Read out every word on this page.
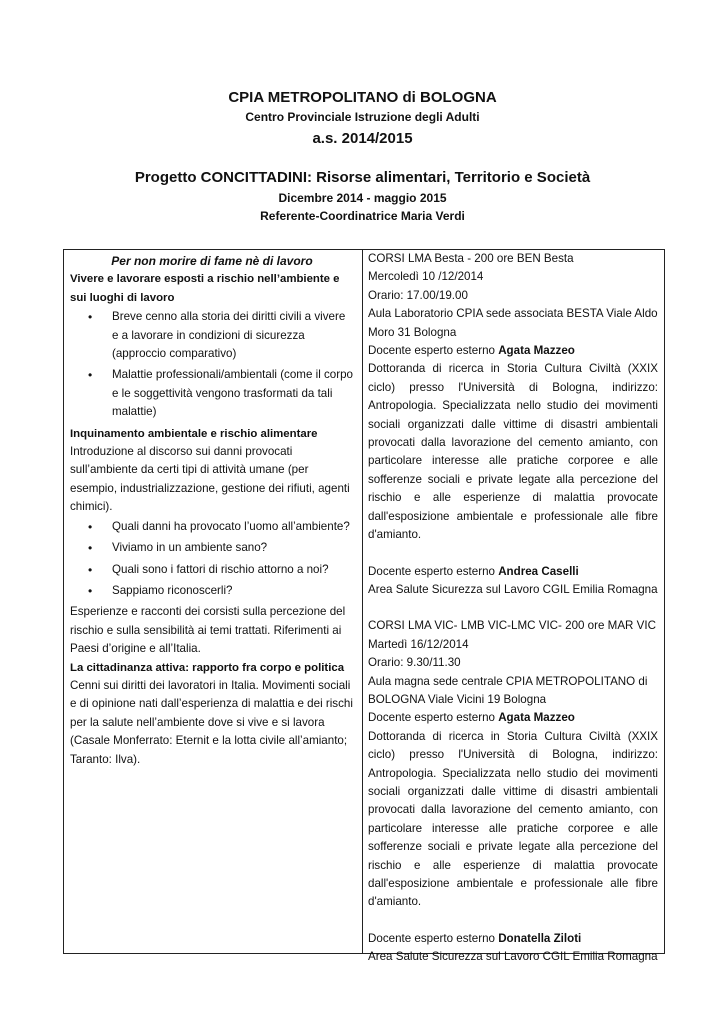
CPIA METROPOLITANO di BOLOGNA

Centro Provinciale Istruzione degli Adulti

a.s. 2014/2015

Progetto CONCITTADINI: Risorse alimentari, Territorio e Società

Dicembre 2014 - maggio 2015

Referente-Coordinatrice Maria Verdi

Per non morire di fame nè di lavoro
Vivere e lavorare esposti a rischio nell’ambiente e sui luoghi di lavoro
• Breve cenno alla storia dei diritti civili a vivere e a lavorare in condizioni di sicurezza (approccio comparativo)
• Malattie professionali/ambientali (come il corpo e le soggettività vengono trasformati da tali malattie)
Inquinamento ambientale e rischio alimentare

Introduzione al discorso sui danni provocati sull’ambiente da certi tipi di attività umane (per esempio, industrializzazione, gestione dei rifiuti, agenti chimici).

• Quali danni ha provocato l’uomo all’ambiente?
• Viviamo in un ambiente sano?
• Quali sono i fattori di rischio attorno a noi?
• Sappiamo riconoscerli?

Esperienze e racconti dei corsisti sulla percezione del rischio e sulla sensibilità ai temi trattati. Riferimenti ai Paesi d’origine e all’Italia.

La cittadinanza attiva: rapporto fra corpo e politica

Cenni sui diritti dei lavoratori in Italia. Movimenti sociali e di opinione nati dall’esperienza di malattia e dei rischi per la salute nell’ambiente dove si vive e si lavora (Casale Monferrato: Eternit e la lotta civile all’amianto; Taranto: Ilva).

CORSI LMA Besta - 200 ore BEN Besta

Mercoledì 10 /12/2014

Orario: 17.00/19.00

Aula Laboratorio CPIA sede associata BESTA Viale Aldo Moro 31 Bologna

Docente esperto esterno Agata Mazzeo

Dottoranda di ricerca in Storia Cultura Civiltà (XXIX ciclo) presso l'Università di Bologna, indirizzo: Antropologia. Specializzata nello studio dei movimenti sociali organizzati dalle vittime di disastri ambientali provocati dalla lavorazione del cemento amianto, con particolare interesse alle pratiche corporee e alle sofferenze sociali e private legate alla percezione del rischio e alle esperienze di malattia provocate dall'esposizione ambientale e professionale alle fibre d'amianto.

Docente esperto esterno Andrea Caselli

Area Salute Sicurezza sul Lavoro CGIL Emilia Romagna

CORSI LMA VIC- LMB VIC-LMC VIC- 200 ore MAR VIC

Martedì 16/12/2014

Orario: 9.30/11.30

Aula magna sede centrale CPIA METROPOLITANO di BOLOGNA Viale Vicini 19 Bologna

Docente esperto esterno Agata Mazzeo

Dottoranda di ricerca in Storia Cultura Civiltà (XXIX ciclo) presso l'Università di Bologna, indirizzo: Antropologia. Specializzata nello studio dei movimenti sociali organizzati dalle vittime di disastri ambientali provocati dalla lavorazione del cemento amianto, con particolare interesse alle pratiche corporee e alle sofferenze sociali e private legate alla percezione del rischio e alle esperienze di malattia provocate dall'esposizione ambientale e professionale alle fibre d'amianto.

Docente esperto esterno Donatella Ziloti

Area Salute Sicurezza sul Lavoro CGIL Emilia Romagna
